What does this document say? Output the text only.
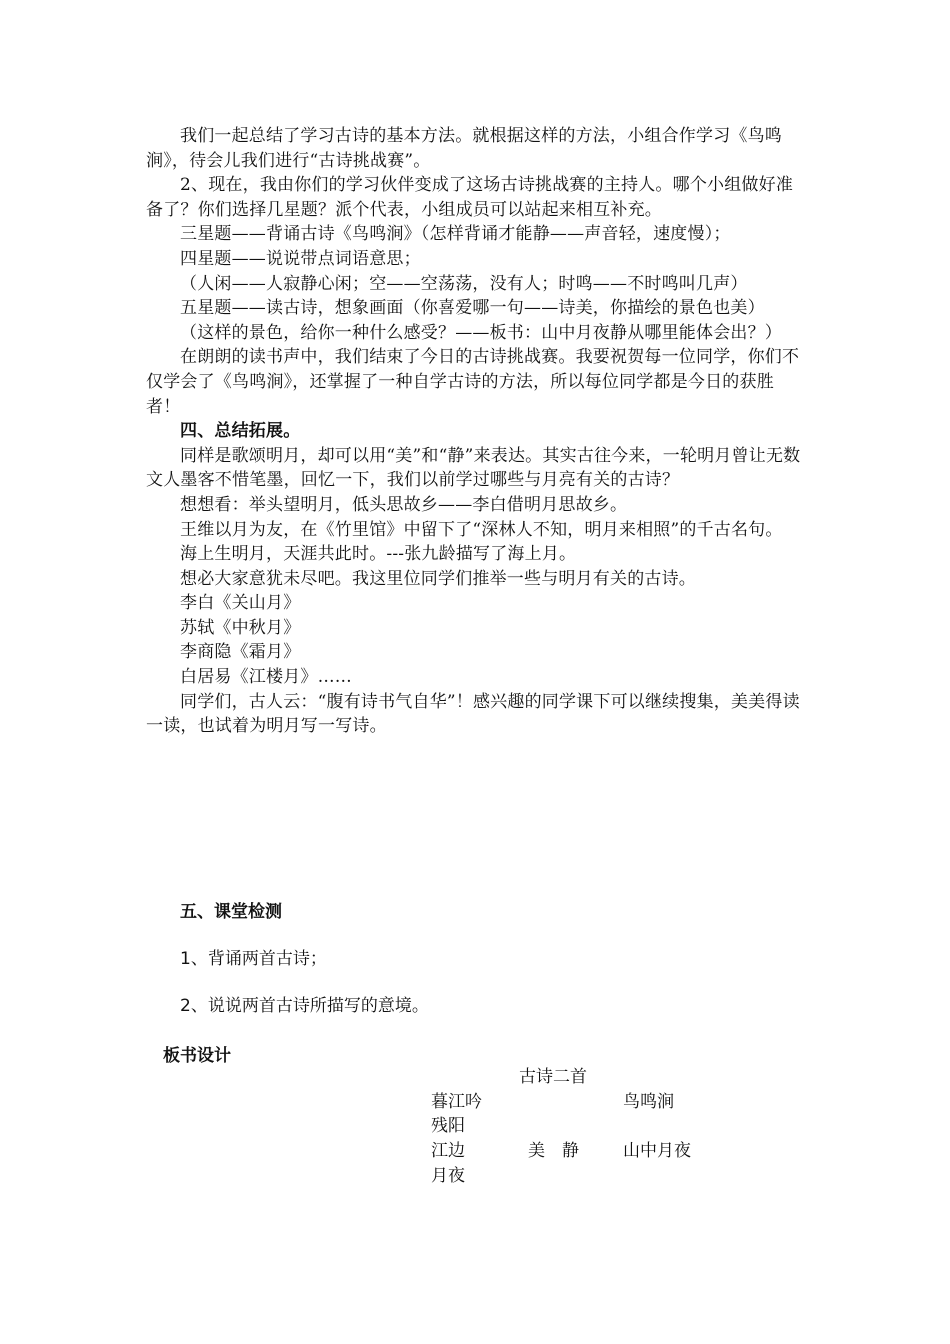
我们一起总结了学习古诗的基本方法。就根据这样的方法，小组合作学习《鸟鸣涧》，待会儿我们进行“古诗挑战赛”。

2、现在，我由你们的学习伙伴变成了这场古诗挑战赛的主持人。哪个小组做好准备了？你们选择几星题？派个代表，小组成员可以站起来相互补充。

三星题——背诵古诗《鸟鸣涧》（怎样背诵才能静——声音轻，速度慢）；

四星题——说说带点词语意思；

（人闲——人寂静心闲；空——空荡荡，没有人；时鸣——不时鸣叫几声）

五星题——读古诗，想象画面（你喜爱哪一句——诗美，你描绘的景色也美）

（这样的景色，给你一种什么感受？——板书：山中月夜静从哪里能体会出？）

在朗朗的读书声中，我们结束了今日的古诗挑战赛。我要祝贺每一位同学，你们不仅学会了《鸟鸣涧》，还掌握了一种自学古诗的方法，所以每位同学都是今日的获胜者！

四、总结拓展。

同样是歌颂明月，却可以用“美”和“静”来表达。其实古往今来，一轮明月曾让无数文人墨客不惜笔墨，回忆一下，我们以前学过哪些与月亮有关的古诗？

想想看：举头望明月，低头思故乡——李白借明月思故乡。

王维以月为友，在《竹里馆》中留下了“深林人不知，明月来相照”的千古名句。

海上生明月，天涯共此时。---张九龄描写了海上月。

想必大家意犹未尽吧。我这里位同学们推举一些与明月有关的古诗。

李白《关山月》

苏轼《中秋月》

李商隐《霜月》

白居易《江楼月》……

同学们，古人云：“腹有诗书气自华”！感兴趣的同学课下可以继续搜集，美美得读一读，也试着为明月写一写诗。

五、课堂检测
1、背诵两首古诗；
2、说说两首古诗所描写的意境。
板书设计
古诗二首
暮江吟	鸟鸣涧
残阳
江边	美　静	山中月夜
月夜
